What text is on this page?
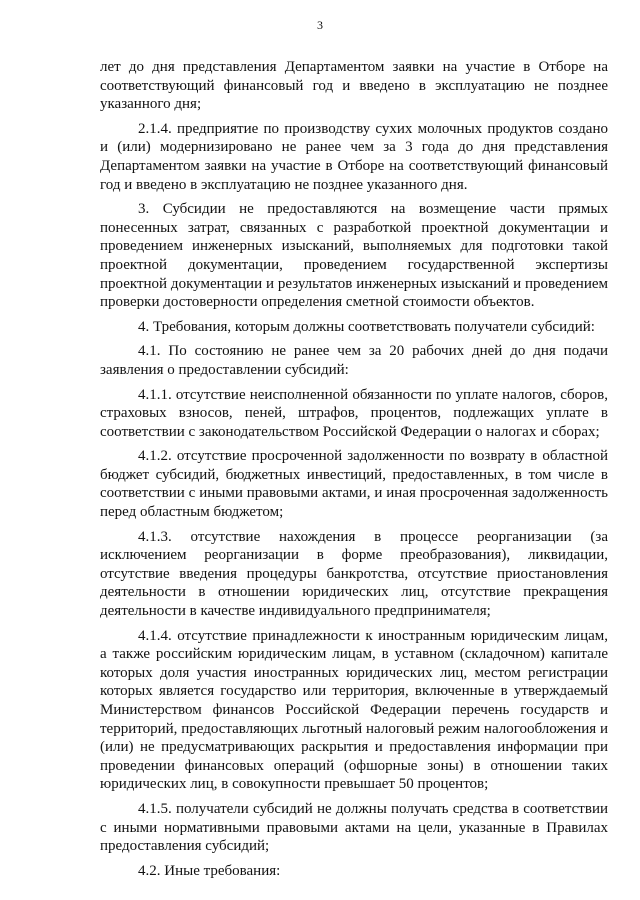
3

лет до дня представления Департаментом заявки на участие в Отборе на соответствующий финансовый год и введено в эксплуатацию не позднее указанного дня;

2.1.4. предприятие по производству сухих молочных продуктов создано и (или) модернизировано не ранее чем за 3 года до дня представления Департаментом заявки на участие в Отборе на соответствующий финансовый год и введено в эксплуатацию не позднее указанного дня.

3. Субсидии не предоставляются на возмещение части прямых понесенных затрат, связанных с разработкой проектной документации и проведением инженерных изысканий, выполняемых для подготовки такой проектной документации, проведением государственной экспертизы проектной документации и результатов инженерных изысканий и проведением проверки достоверности определения сметной стоимости объектов.

4. Требования, которым должны соответствовать получатели субсидий:

4.1. По состоянию не ранее чем за 20 рабочих дней до дня подачи заявления о предоставлении субсидий:

4.1.1. отсутствие неисполненной обязанности по уплате налогов, сборов, страховых взносов, пеней, штрафов, процентов, подлежащих уплате в соответствии с законодательством Российской Федерации о налогах и сборах;

4.1.2. отсутствие просроченной задолженности по возврату в областной бюджет субсидий, бюджетных инвестиций, предоставленных, в том числе в соответствии с иными правовыми актами, и иная просроченная задолженность перед областным бюджетом;

4.1.3. отсутствие нахождения в процессе реорганизации (за исключением реорганизации в форме преобразования), ликвидации, отсутствие введения процедуры банкротства, отсутствие приостановления деятельности в отношении юридических лиц, отсутствие прекращения деятельности в качестве индивидуального предпринимателя;

4.1.4. отсутствие принадлежности к иностранным юридическим лицам, а также российским юридическим лицам, в уставном (складочном) капитале которых доля участия иностранных юридических лиц, местом регистрации которых является государство или территория, включенные в утверждаемый Министерством финансов Российской Федерации перечень государств и территорий, предоставляющих льготный налоговый режим налогообложения и (или) не предусматривающих раскрытия и предоставления информации при проведении финансовых операций (офшорные зоны) в отношении таких юридических лиц, в совокупности превышает 50 процентов;

4.1.5. получатели субсидий не должны получать средства в соответствии с иными нормативными правовыми актами на цели, указанные в Правилах предоставления субсидий;

4.2. Иные требования:
